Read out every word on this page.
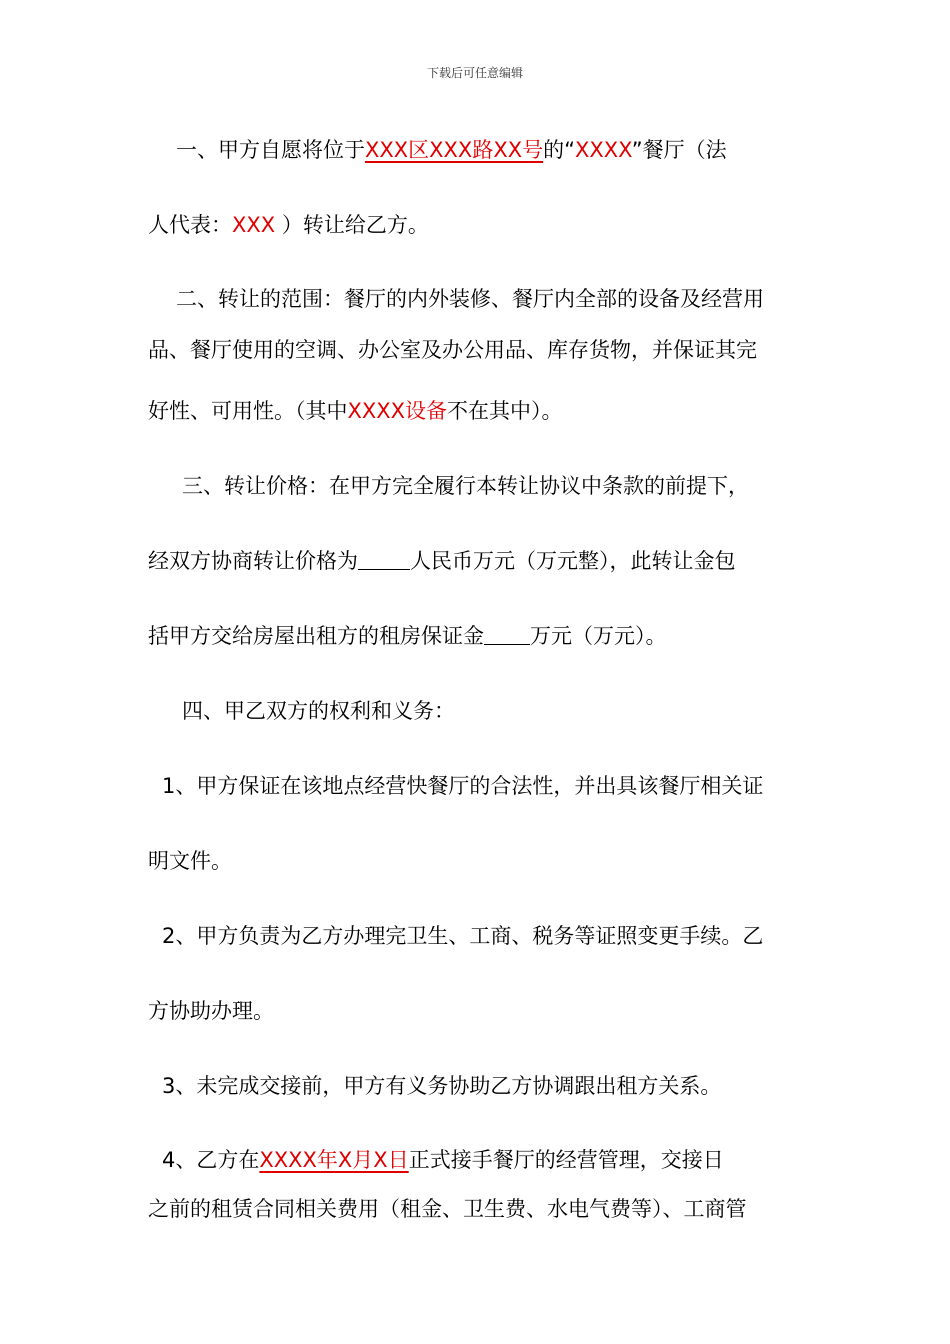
下载后可任意编辑
一、甲方自愿将位于XXX区XXX路XX号的“XXXX”餐厅（法
人代表：XXX ）转让给乙方。
二、转让的范围：餐厅的内外装修、餐厅内全部的设备及经营用
品、餐厅使用的空调、办公室及办公用品、库存货物，并保证其完
好性、可用性。（其中XXXX设备不在其中）。
三、转让价格：在甲方完全履行本转让协议中条款的前提下，
经双方协商转让价格为 人民币万元（万元整），此转让金包
括甲方交给房屋出租方的租房保证金 万元（万元）。
四、甲乙双方的权利和义务：
1、甲方保证在该地点经营快餐厅的合法性，并出具该餐厅相关证
明文件。
2、甲方负责为乙方办理完卫生、工商、税务等证照变更手续。乙
方协助办理。
3、未完成交接前，甲方有义务协助乙方协调跟出租方关系。
4、乙方在XXXX年X月X日正式接手餐厅的经营管理，交接日
之前的租赁合同相关费用（租金、卫生费、水电气费等）、工商管
